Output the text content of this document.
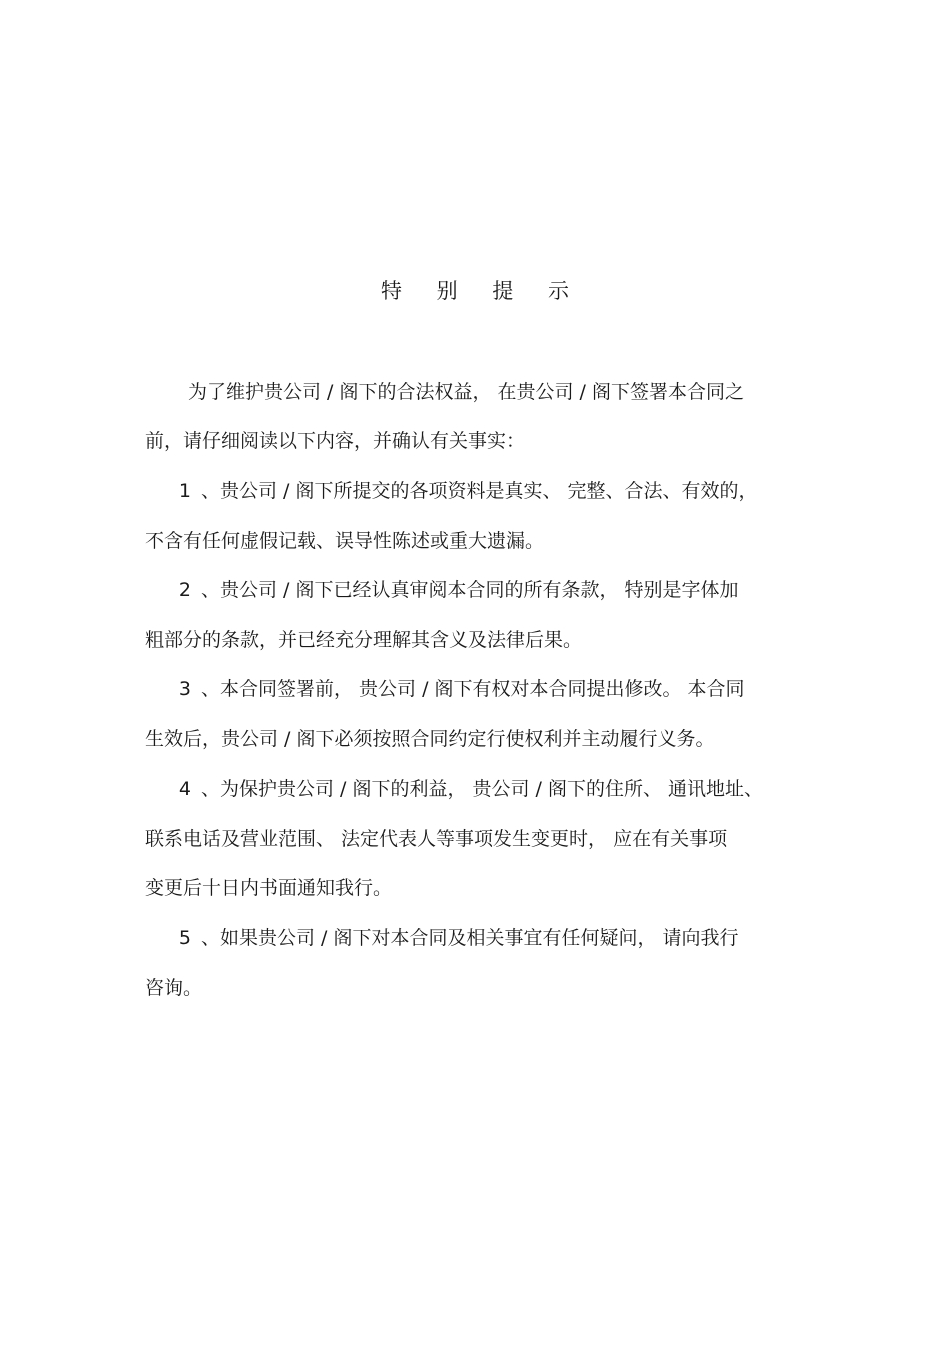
特 别 提 示
为了维护贵公司 / 阁下的合法权益， 在贵公司 / 阁下签署本合同之
前，请仔细阅读以下内容，并确认有关事实：
1 、贵公司 / 阁下所提交的各项资料是真实、 完整、合法、有效的，
不含有任何虚假记载、误导性陈述或重大遗漏。
2 、贵公司 / 阁下已经认真审阅本合同的所有条款， 特别是字体加
粗部分的条款，并已经充分理解其含义及法律后果。
3 、本合同签署前， 贵公司 / 阁下有权对本合同提出修改。 本合同
生效后，贵公司 / 阁下必须按照合同约定行使权利并主动履行义务。
4 、为保护贵公司 / 阁下的利益， 贵公司 / 阁下的住所、 通讯地址、
联系电话及营业范围、 法定代表人等事项发生变更时， 应在有关事项
变更后十日内书面通知我行。
5 、如果贵公司 / 阁下对本合同及相关事宜有任何疑问， 请向我行
咨询。
